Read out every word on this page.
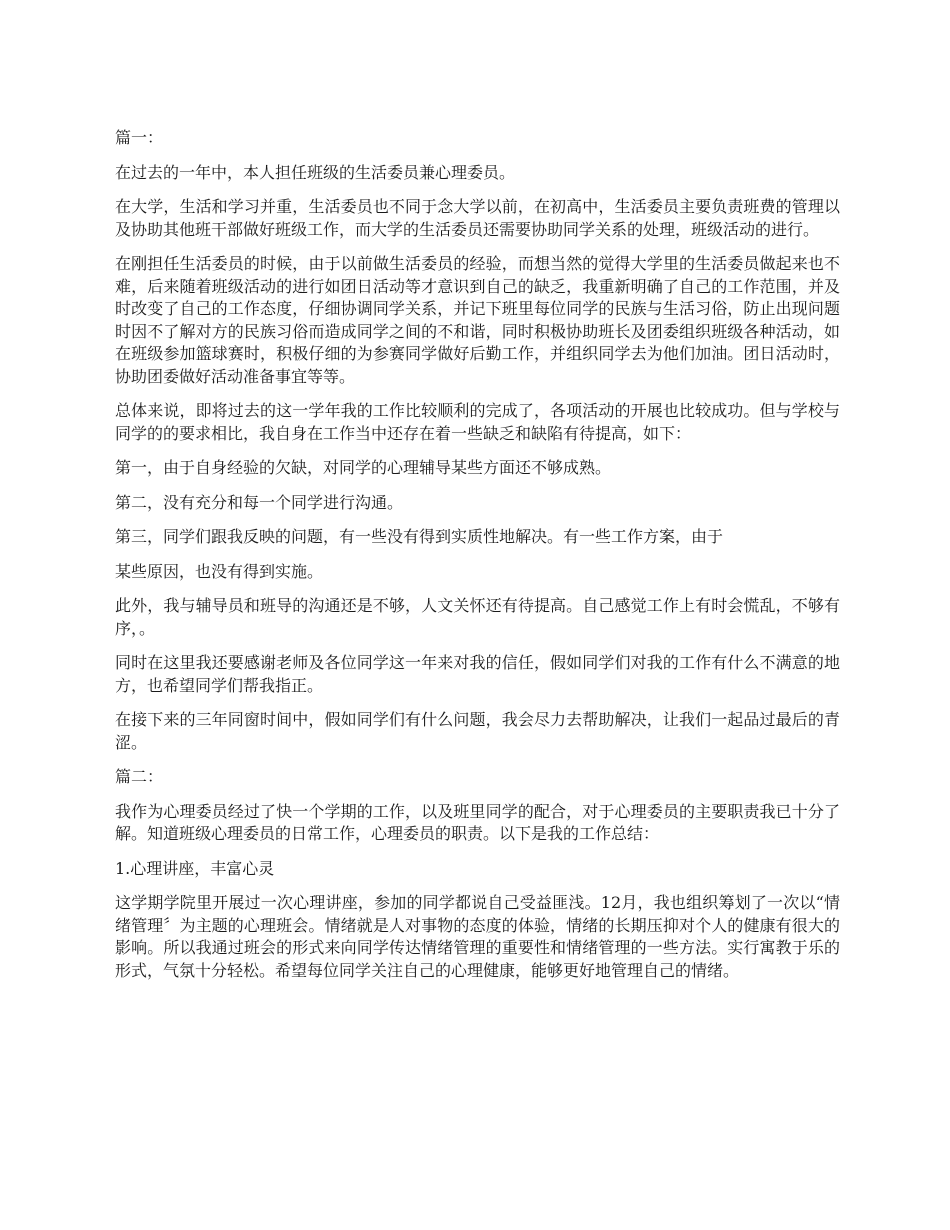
篇一：
在过去的一年中，本人担任班级的生活委员兼心理委员。
在大学，生活和学习并重，生活委员也不同于念大学以前，在初高中，生活委员主要负责班费的管理以及协助其他班干部做好班级工作，而大学的生活委员还需要协助同学关系的处理，班级活动的进行。
在刚担任生活委员的时候，由于以前做生活委员的经验，而想当然的觉得大学里的生活委员做起来也不难，后来随着班级活动的进行如团日活动等才意识到自己的缺乏，我重新明确了自己的工作范围，并及时改变了自己的工作态度，仔细协调同学关系，并记下班里每位同学的民族与生活习俗，防止出现问题时因不了解对方的民族习俗而造成同学之间的不和谐，同时积极协助班长及团委组织班级各种活动，如在班级参加篮球赛时，积极仔细的为参赛同学做好后勤工作，并组织同学去为他们加油。团日活动时，协助团委做好活动准备事宜等等。
总体来说，即将过去的这一学年我的工作比较顺利的完成了，各项活动的开展也比较成功。但与学校与同学的的要求相比，我自身在工作当中还存在着一些缺乏和缺陷有待提高，如下：
第一，由于自身经验的欠缺，对同学的心理辅导某些方面还不够成熟。
第二，没有充分和每一个同学进行沟通。
第三，同学们跟我反映的问题，有一些没有得到实质性地解决。有一些工作方案，由于
某些原因，也没有得到实施。
此外，我与辅导员和班导的沟通还是不够，人文关怀还有待提高。自己感觉工作上有时会慌乱，不够有序，。
同时在这里我还要感谢老师及各位同学这一年来对我的信任，假如同学们对我的工作有什么不满意的地方，也希望同学们帮我指正。
在接下来的三年同窗时间中，假如同学们有什么问题，我会尽力去帮助解决，让我们一起品过最后的青涩。
篇二：
我作为心理委员经过了快一个学期的工作，以及班里同学的配合，对于心理委员的主要职责我已十分了解。知道班级心理委员的日常工作，心理委员的职责。以下是我的工作总结：
1.心理讲座，丰富心灵
这学期学院里开展过一次心理讲座，参加的同学都说自己受益匪浅。12月，我也组织筹划了一次以“情绪管理〞为主题的心理班会。情绪就是人对事物的态度的体验，情绪的长期压抑对个人的健康有很大的影响。所以我通过班会的形式来向同学传达情绪管理的重要性和情绪管理的一些方法。实行寓教于乐的形式，气氛十分轻松。希望每位同学关注自己的心理健康，能够更好地管理自己的情绪。
